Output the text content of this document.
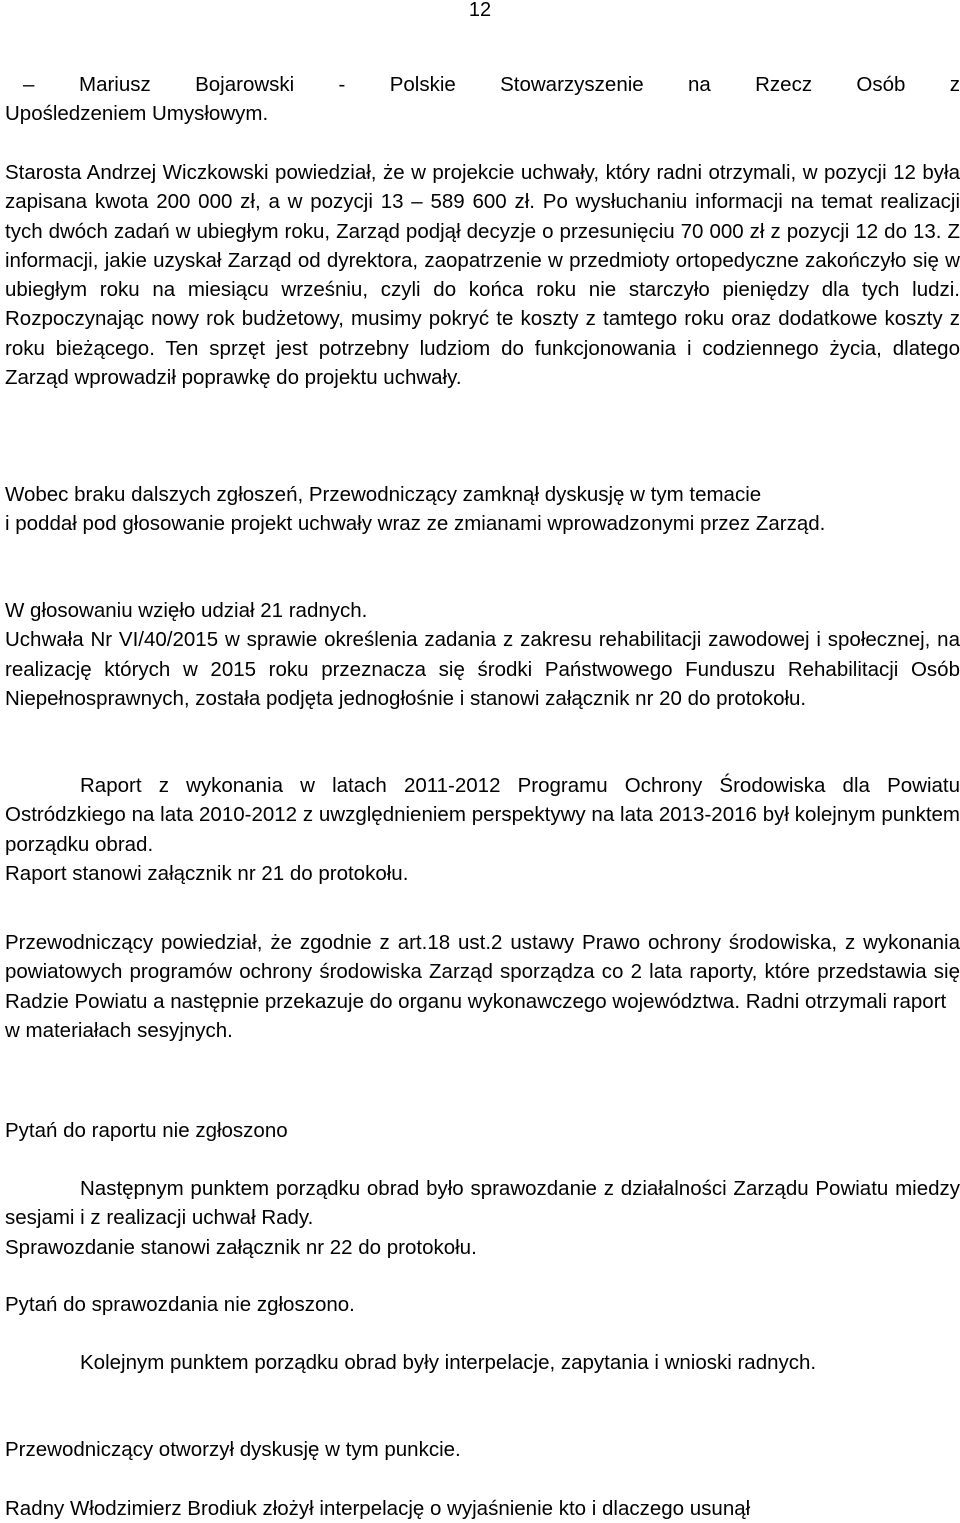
12
– Mariusz Bojarowski - Polskie Stowarzyszenie na Rzecz Osób z
Upośledzeniem Umysłowym.

Starosta Andrzej Wiczkowski powiedział, że w projekcie uchwały, który radni otrzymali, w pozycji 12 była zapisana kwota 200 000 zł, a w pozycji 13 – 589 600 zł. Po wysłuchaniu informacji na temat realizacji tych dwóch zadań w ubiegłym roku, Zarząd podjął decyzje o przesunięciu 70 000 zł z pozycji 12 do 13. Z informacji, jakie uzyskał Zarząd od dyrektora, zaopatrzenie w przedmioty ortopedyczne zakończyło się w ubiegłym roku na miesiącu wrześniu, czyli do końca roku nie starczyło pieniędzy dla tych ludzi. Rozpoczynając nowy rok budżetowy, musimy pokryć te koszty z tamtego roku oraz dodatkowe koszty z roku bieżącego. Ten sprzęt jest potrzebny ludziom do funkcjonowania i codziennego życia, dlatego Zarząd wprowadził poprawkę do projektu uchwały.

Wobec braku dalszych zgłoszeń, Przewodniczący zamknął dyskusję w tym temacie

i poddał pod głosowanie projekt uchwały wraz ze zmianami wprowadzonymi przez Zarząd.

W głosowaniu wzięło udział 21 radnych.

Uchwała Nr VI/40/2015 w sprawie określenia zadania z zakresu rehabilitacji zawodowej i społecznej, na realizację których w 2015 roku przeznacza się środki Państwowego Funduszu Rehabilitacji Osób Niepełnosprawnych, została podjęta jednogłośnie i stanowi załącznik nr 20 do protokołu.

Raport z wykonania w latach 2011-2012 Programu Ochrony Środowiska dla Powiatu Ostródzkiego na lata 2010-2012 z uwzględnieniem perspektywy na lata 2013-2016 był kolejnym punktem porządku obrad.

Raport stanowi załącznik nr 21 do protokołu.

Przewodniczący powiedział, że zgodnie z art.18 ust.2 ustawy Prawo ochrony środowiska, z wykonania powiatowych programów ochrony środowiska Zarząd sporządza co 2 lata raporty, które przedstawia się Radzie Powiatu a następnie przekazuje do organu wykonawczego województwa. Radni otrzymali raport

w materiałach sesyjnych.

Pytań do raportu nie zgłoszono

Następnym punktem porządku obrad było sprawozdanie z działalności Zarządu Powiatu miedzy sesjami i z realizacji uchwał Rady.

Sprawozdanie stanowi załącznik nr 22 do protokołu.

Pytań do sprawozdania nie zgłoszono.

Kolejnym punktem porządku obrad były interpelacje, zapytania i wnioski radnych.

Przewodniczący otworzył dyskusję w tym punkcie.

Radny Włodzimierz Brodiuk złożył interpelację o wyjaśnienie kto i dlaczego usunął
